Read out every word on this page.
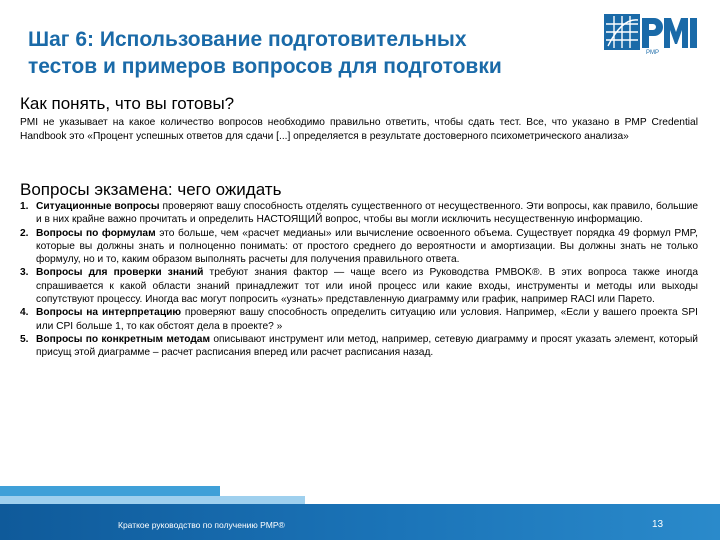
Шаг 6: Использование подготовительных
тестов и примеров вопросов для подготовки
PMP
Как понять, что вы готовы?
PMI не указывает на какое количество вопросов необходимо правильно ответить, чтобы сдать тест. Все, что указано в PMP Credential Handbook это «Процент успешных ответов для сдачи [...] определяется в результате достоверного психометрического анализа»
Вопросы экзамена: чего ожидать
1. Ситуационные вопросы проверяют вашу способность отделять существенного от несущественного. Эти вопросы, как правило, большие и в них крайне важно прочитать и определить НАСТОЯЩИЙ вопрос, чтобы вы могли исключить несущественную информацию.
2. Вопросы по формулам это больше, чем «расчет медианы» или вычисление освоенного объема. Существует порядка 49 формул PMP, которые вы должны знать и полноценно понимать: от простого среднего до вероятности и амортизации. Вы должны знать не только формулу, но и то, каким образом выполнять расчеты для получения правильного ответа.
3. Вопросы для проверки знаний требуют знания фактор — чаще всего из Руководства PMBOK®. В этих вопроса также иногда спрашивается к какой области знаний принадлежит тот или иной процесс или какие входы, инструменты и методы или выходы сопутствуют процессу. Иногда вас могут попросить «узнать» представленную диаграмму или график, например RACI или Парето.
4. Вопросы на интерпретацию проверяют вашу способность определить ситуацию или условия. Например, «Если у вашего проекта SPI или CPI больше 1, то как обстоят дела в проекте? »
5. Вопросы по конкретным методам описывают инструмент или метод, например, сетевую диаграмму и просят указать элемент, который присущ этой диаграмме – расчет расписания вперед или расчет расписания назад.
Краткое руководство по получению PMP®	13
